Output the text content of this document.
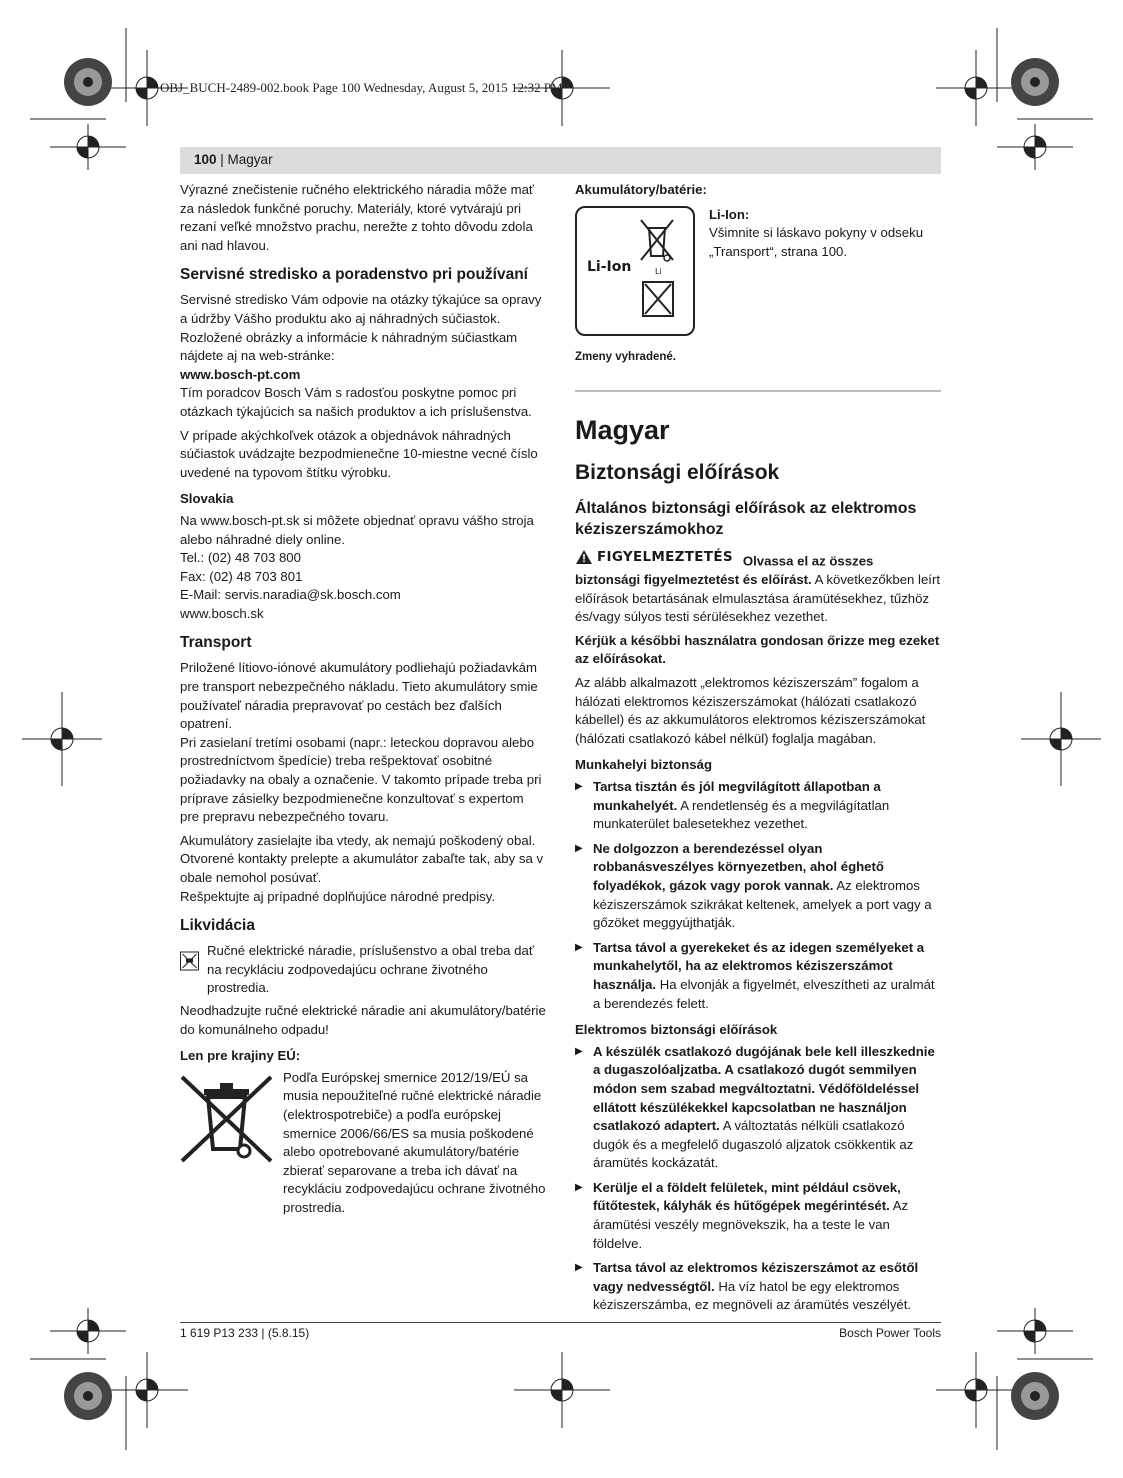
OBJ_BUCH-2489-002.book Page 100 Wednesday, August 5, 2015 12:32 PM
100 | Magyar

Výrazné znečistenie ručného elektrického náradia môže mať za následok funkčné poruchy. Materiály, ktoré vytvárajú pri rezaní veľké množstvo prachu, nerežte z tohto dôvodu zdola ani nad hlavou.

Servisné stredisko a poradenstvo pri používaní

Servisné stredisko Vám odpovie na otázky týkajúce sa opravy a údržby Vášho produktu ako aj náhradných súčiastok. Rozložené obrázky a informácie k náhradným súčiastkam nájdete aj na web-stránke:

www.bosch-pt.com

Tím poradcov Bosch Vám s radosťou poskytne pomoc pri otázkach týkajúcich sa našich produktov a ich príslušenstva.

V prípade akýchkoľvek otázok a objednávok náhradných súčiastok uvádzajte bezpodmienečne 10-miestne vecné číslo uvedené na typovom štítku výrobku.

Slovakia
Na www.bosch-pt.sk si môžete objednať opravu vášho stroja alebo náhradné diely online.
Tel.: (02) 48 703 800
Fax: (02) 48 703 801
E-Mail: servis.naradia@sk.bosch.com
www.bosch.sk
Transport
Priložené lítiovo-iónové akumulátory podliehajú požiadavkám pre transport nebezpečného nákladu. Tieto akumulátory smie používateľ náradia prepravovať po cestách bez ďalších opatrení.

Pri zasielaní tretími osobami (napr.: leteckou dopravou alebo prostredníctvom špedície) treba rešpektovať osobitné požiadavky na obaly a označenie. V takomto prípade treba pri príprave zásielky bezpodmienečne konzultovať s expertom pre prepravu nebezpečného tovaru.

Akumulátory zasielajte iba vtedy, ak nemajú poškodený obal. Otvorené kontakty prelepte a akumulátor zabaľte tak, aby sa v obale nemohol posúvať.

Rešpektujte aj prípadné doplňujúce národné predpisy.

Likvidácia
Ručné elektrické náradie, príslušenstvo a obal treba dať na recykláciu zodpovedajúcu ochrane životného prostredia.

Neodhadzujte ručné elektrické náradie ani akumulátory/batérie do komunálneho odpadu!

Len pre krajiny EÚ:
Podľa Európskej smernice 2012/19/EÚ sa musia nepoužiteľné ručné elektrické náradie (elektrospotrebiče) a podľa európskej smernice 2006/66/ES sa musia poškodené alebo opotrebované akumulátory/batérie zbierať separovane a treba ich dávať na recykláciu zodpovedajúcu ochrane životného prostredia.
Akumulátory/batérie:
Li-Ion	Li
Li-Ion:
Všimnite si láskavo pokyny v odseku „Transport“, strana 100.
Zmeny vyhradené.
Magyar
Biztonsági előírások
Általános biztonsági előírások az elektromos kéziszerszámokhoz

FIGYELMEZTETÉS Olvassa el az összes biztonsági figyelmeztetést és előírást. A következőkben leírt előírások betartásának elmulasztása áramütésekhez, tűzhöz és/vagy súlyos testi sérülésekhez vezethet.

Kérjük a későbbi használatra gondosan őrizze meg ezeket az előírásokat.

Az alább alkalmazott „elektromos kéziszerszám” fogalom a hálózati elektromos kéziszerszámokat (hálózati csatlakozó kábellel) és az akkumulátoros elektromos kéziszerszámokat (hálózati csatlakozó kábel nélkül) foglalja magában.

Munkahelyi biztonság
▶ Tartsa tisztán és jól megvilágított állapotban a munkahelyét. A rendetlenség és a megvilágítatlan munkaterület balesetekhez vezethet.
▶ Ne dolgozzon a berendezéssel olyan robbanásveszélyes környezetben, ahol éghető folyadékok, gázok vagy porok vannak. Az elektromos kéziszerszámok szikrákat keltenek, amelyek a port vagy a gőzöket meggyújthatják.
▶ Tartsa távol a gyerekeket és az idegen személyeket a munkahelytől, ha az elektromos kéziszerszámot használja. Ha elvonják a figyelmét, elveszítheti az uralmát a berendezés felett.
Elektromos biztonsági előírások
▶ A készülék csatlakozó dugójának bele kell illeszkednie a dugaszolóaljzatba. A csatlakozó dugót semmilyen módon sem szabad megváltoztatni. Védőföldeléssel ellátott készülékekkel kapcsolatban ne használjon csatlakozó adaptert. A változtatás nélküli csatlakozó dugók és a megfelelő dugaszoló aljzatok csökkentik az áramütés kockázatát.
▶ Kerülje el a földelt felületek, mint például csövek, fűtőtestek, kályhák és hűtőgépek megérintését. Az áramütési veszély megnövekszik, ha a teste le van földelve.
▶ Tartsa távol az elektromos kéziszerszámot az esőtől vagy nedvességtől. Ha víz hatol be egy elektromos kéziszerszámba, ez megnöveli az áramütés veszélyét.
1 619 P13 233 | (5.8.15)	Bosch Power Tools
